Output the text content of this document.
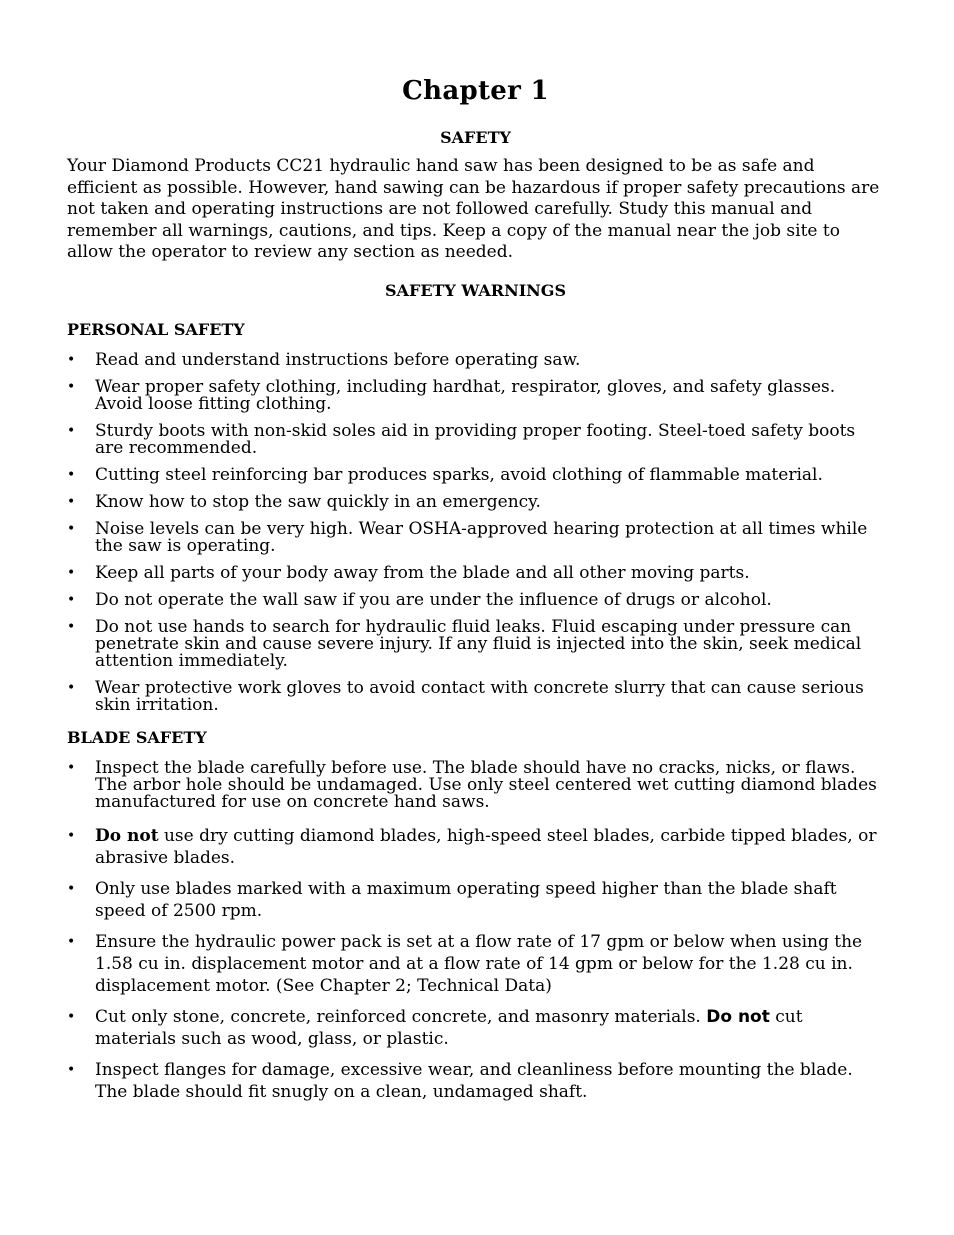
Chapter 1

SAFETY

Your Diamond Products CC21 hydraulic hand saw has been designed to be as safe and efficient as possible. However, hand sawing can be hazardous if proper safety precautions are not taken and operating instructions are not followed carefully. Study this manual and remember all warnings, cautions, and tips. Keep a copy of the manual near the job site to allow the operator to review any section as needed.

SAFETY WARNINGS

PERSONAL SAFETY

• Read and understand instructions before operating saw.
• Wear proper safety clothing, including hardhat, respirator, gloves, and safety glasses. Avoid loose fitting clothing.
• Sturdy boots with non-skid soles aid in providing proper footing. Steel-toed safety boots are recommended.
• Cutting steel reinforcing bar produces sparks, avoid clothing of flammable material.
• Know how to stop the saw quickly in an emergency.
• Noise levels can be very high. Wear OSHA-approved hearing protection at all times while the saw is operating.
• Keep all parts of your body away from the blade and all other moving parts.
• Do not operate the wall saw if you are under the influence of drugs or alcohol.
• Do not use hands to search for hydraulic fluid leaks. Fluid escaping under pressure can penetrate skin and cause severe injury. If any fluid is injected into the skin, seek medical attention immediately.
• Wear protective work gloves to avoid contact with concrete slurry that can cause serious skin irritation.

BLADE SAFETY

• Inspect the blade carefully before use. The blade should have no cracks, nicks, or flaws. The arbor hole should be undamaged. Use only steel centered wet cutting diamond blades manufactured for use on concrete hand saws.
• Do not use dry cutting diamond blades, high-speed steel blades, carbide tipped blades, or abrasive blades.
• Only use blades marked with a maximum operating speed higher than the blade shaft speed of 2500 rpm.
• Ensure the hydraulic power pack is set at a flow rate of 17 gpm or below when using the 1.58 cu in. displacement motor and at a flow rate of 14 gpm or below for the 1.28 cu in. displacement motor. (See Chapter 2; Technical Data)
• Cut only stone, concrete, reinforced concrete, and masonry materials. Do not cut materials such as wood, glass, or plastic.
• Inspect flanges for damage, excessive wear, and cleanliness before mounting the blade. The blade should fit snugly on a clean, undamaged shaft.
